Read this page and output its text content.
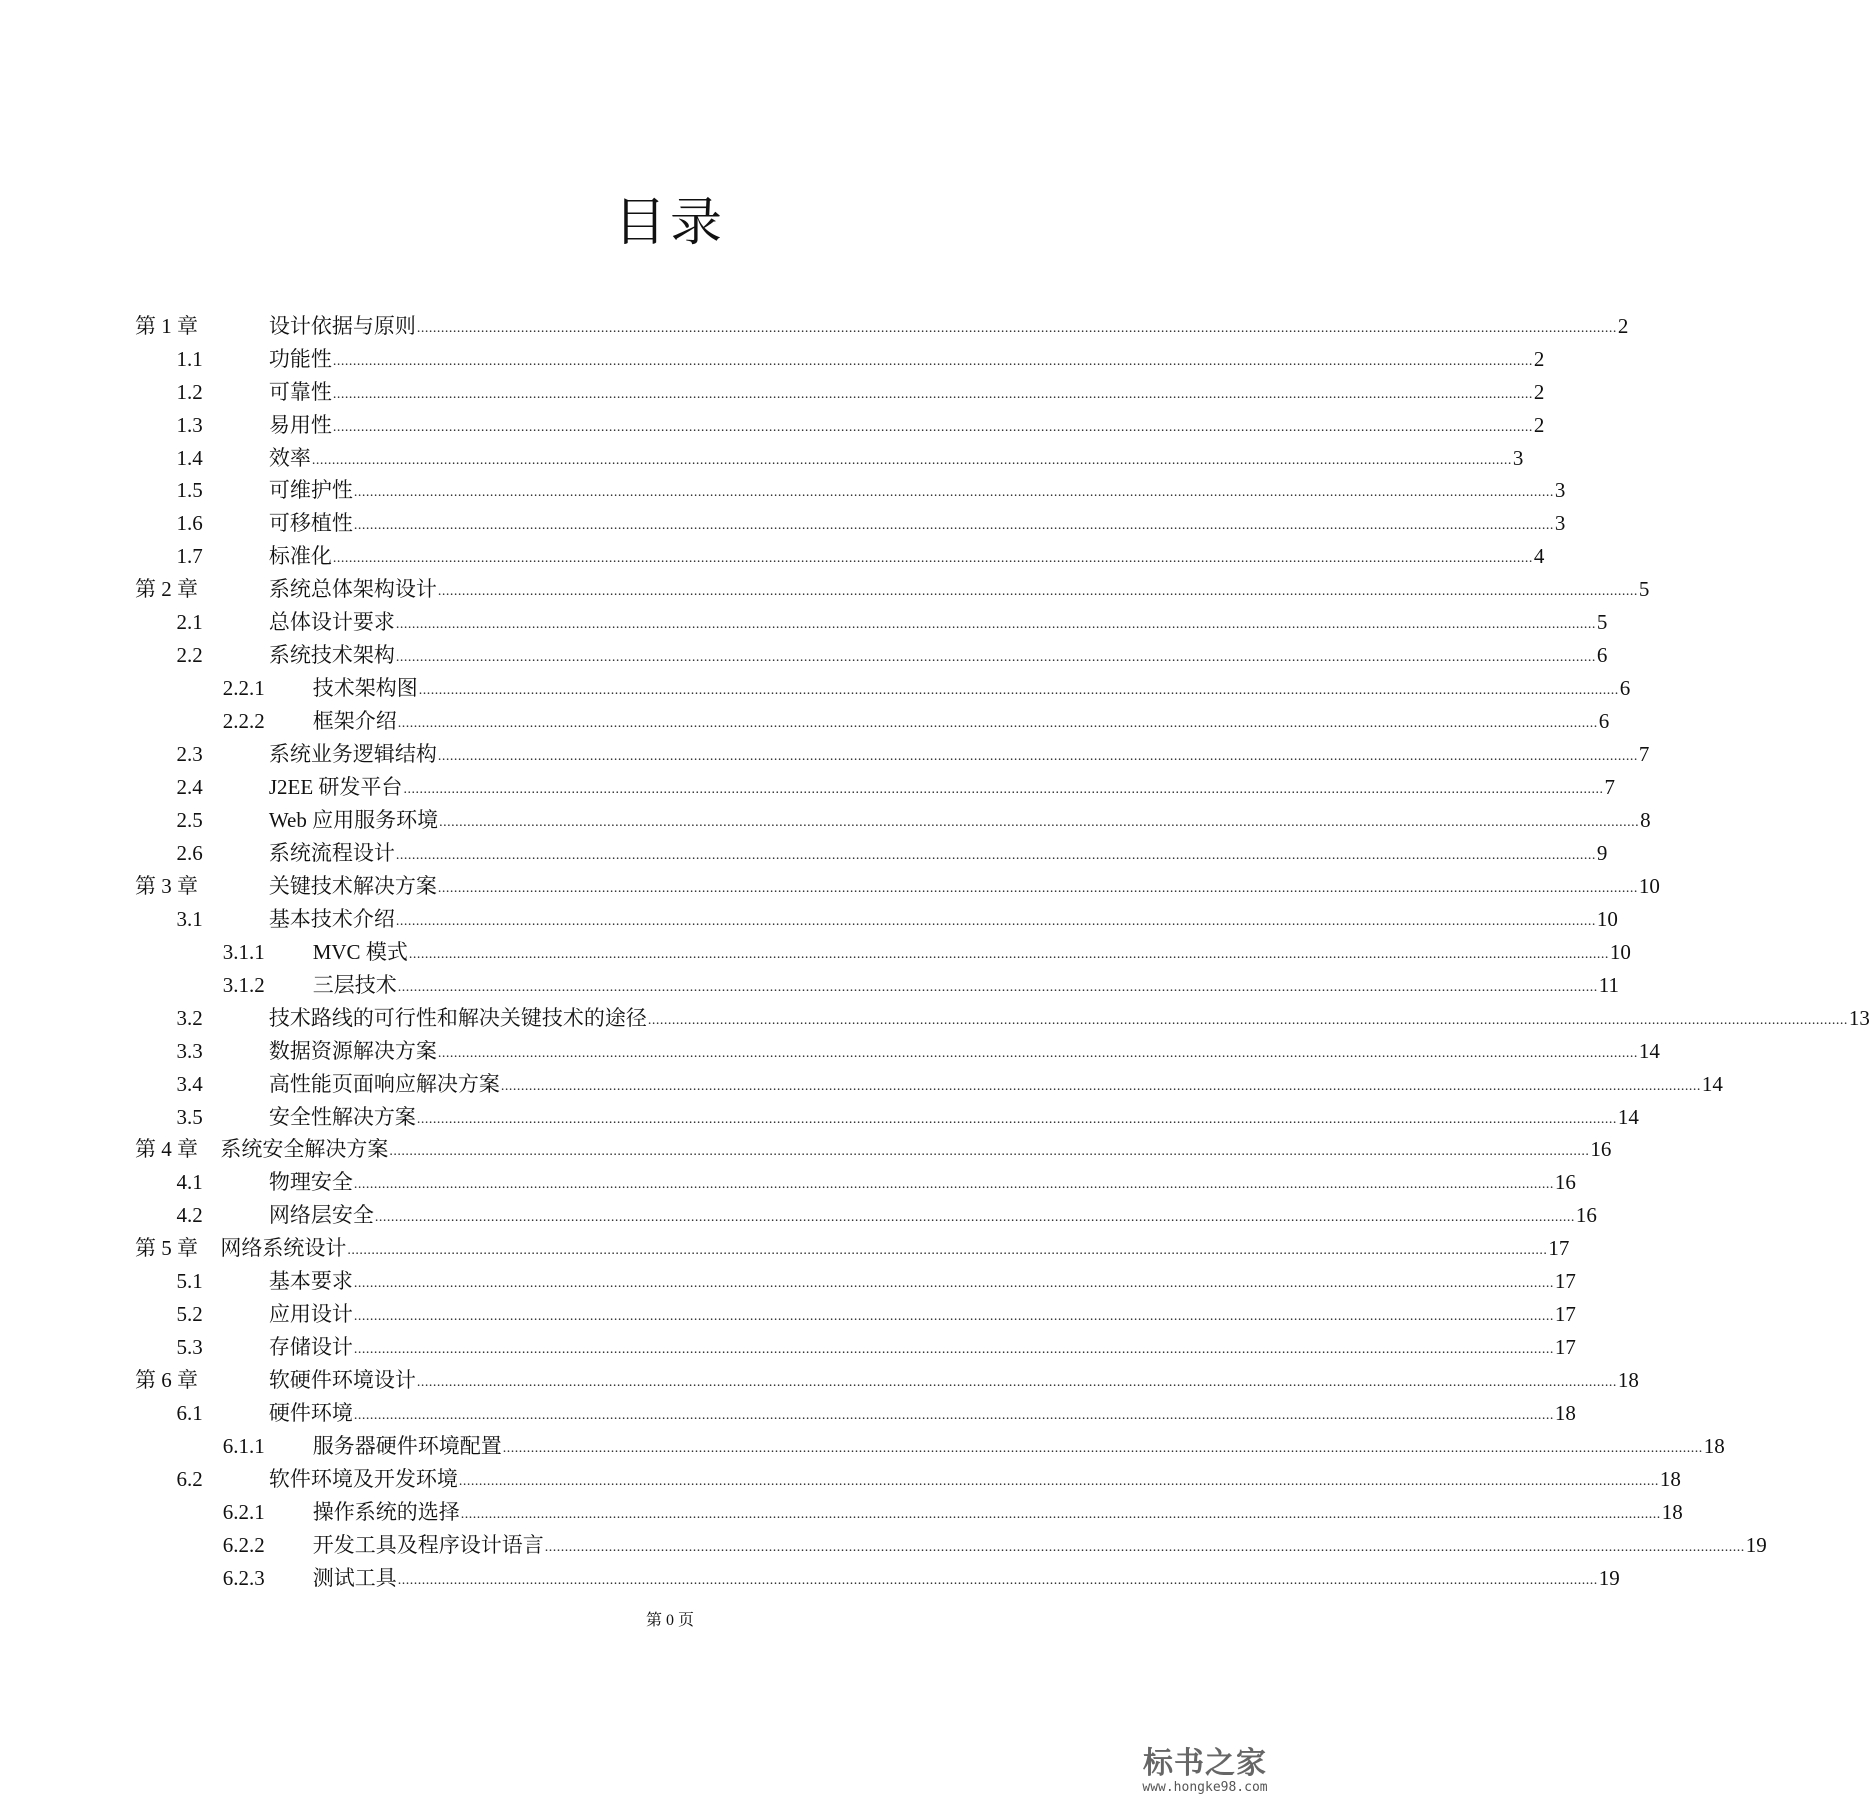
目录
第 1 章	设计依据与原则 ............................................................................................................................................................................................................................................................................................................ 2
1.1	功能性 ............................................................................................................................................................................................................................................................................................................ 2
1.2	可靠性 ............................................................................................................................................................................................................................................................................................................ 2
1.3	易用性 ............................................................................................................................................................................................................................................................................................................ 2
1.4	效率 ............................................................................................................................................................................................................................................................................................................ 3
1.5	可维护性 ............................................................................................................................................................................................................................................................................................................ 3
1.6	可移植性 ............................................................................................................................................................................................................................................................................................................ 3
1.7	标准化 ............................................................................................................................................................................................................................................................................................................ 4
第 2 章	系统总体架构设计 ............................................................................................................................................................................................................................................................................................................ 5
2.1	总体设计要求 ............................................................................................................................................................................................................................................................................................................ 5
2.2	系统技术架构 ............................................................................................................................................................................................................................................................................................................ 6
2.2.1 技术架构图 ............................................................................................................................................................................................................................................................................................................ 6
2.2.2 框架介绍 ............................................................................................................................................................................................................................................................................................................ 6
2.3	系统业务逻辑结构 ............................................................................................................................................................................................................................................................................................................ 7
2.4	J2EE 研发平台 ............................................................................................................................................................................................................................................................................................................ 7
2.5	Web 应用服务环境 ............................................................................................................................................................................................................................................................................................................ 8
2.6	系统流程设计 ............................................................................................................................................................................................................................................................................................................ 9
第 3 章	关键技术解决方案 ............................................................................................................................................................................................................................................................................................................ 10
3.1	基本技术介绍 ............................................................................................................................................................................................................................................................................................................ 10
3.1.1 MVC 模式 ............................................................................................................................................................................................................................................................................................................ 10
3.1.2 三层技术 ............................................................................................................................................................................................................................................................................................................ 11
3.2	技术路线的可行性和解决关键技术的途径 ............................................................................................................................................................................................................................................................................................................ 13
3.3	数据资源解决方案 ............................................................................................................................................................................................................................................................................................................ 14
3.4	高性能页面响应解决方案 ............................................................................................................................................................................................................................................................................................................ 14
3.5	安全性解决方案 ............................................................................................................................................................................................................................................................................................................ 14
第 4 章 系统安全解决方案 ............................................................................................................................................................................................................................................................................................................ 16
4.1	物理安全 ............................................................................................................................................................................................................................................................................................................ 16
4.2	网络层安全 ............................................................................................................................................................................................................................................................................................................ 16
第 5 章 网络系统设计 ............................................................................................................................................................................................................................................................................................................ 17
5.1	基本要求 ............................................................................................................................................................................................................................................................................................................ 17
5.2	应用设计 ............................................................................................................................................................................................................................................................................................................ 17
5.3	存储设计 ............................................................................................................................................................................................................................................................................................................ 17
第 6 章	软硬件环境设计 ............................................................................................................................................................................................................................................................................................................ 18
6.1	硬件环境 ............................................................................................................................................................................................................................................................................................................ 18
6.1.1 服务器硬件环境配置 ............................................................................................................................................................................................................................................................................................................ 18
6.2	软件环境及开发环境 ............................................................................................................................................................................................................................................................................................................ 18
6.2.1 操作系统的选择 ............................................................................................................................................................................................................................................................................................................ 18
6.2.2 开发工具及程序设计语言 ............................................................................................................................................................................................................................................................................................................ 19
6.2.3 测试工具 ............................................................................................................................................................................................................................................................................................................ 19
第 0 页
标书之家
www.hongke98.com
